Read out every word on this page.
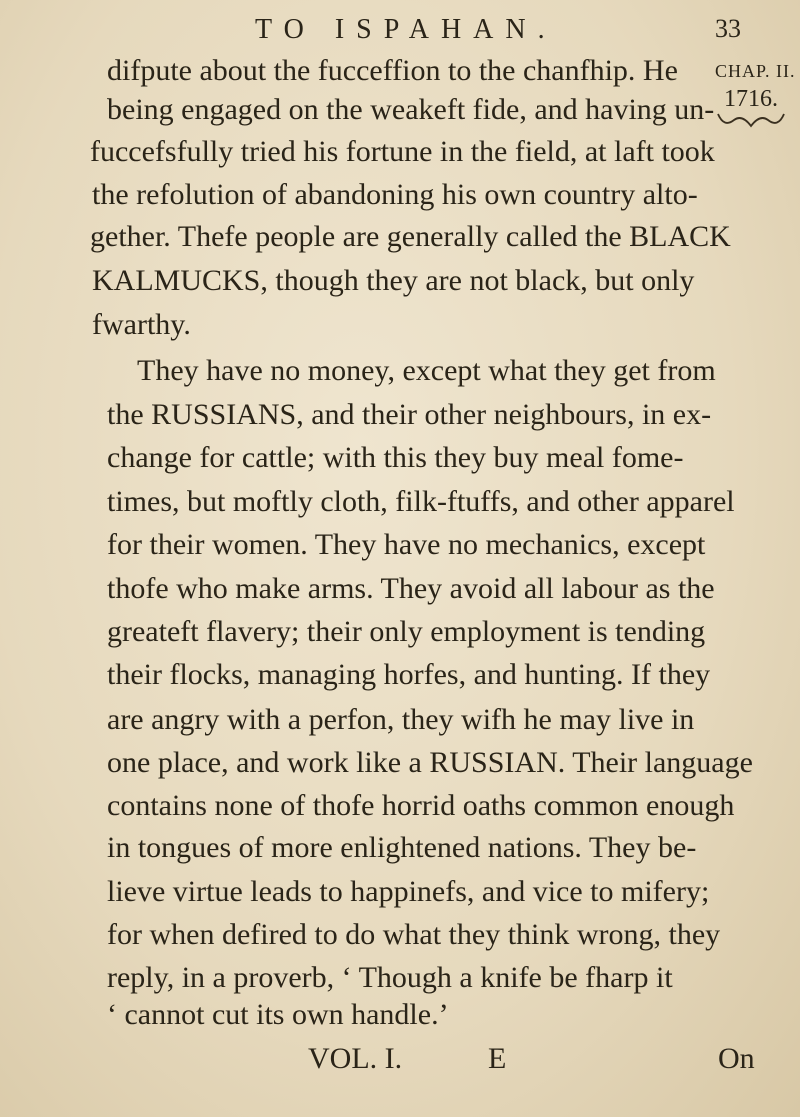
TO ISPAHAN.	33
CHAP. II.
1716.
difpute about the fucceffion to the chanfhip. He
being engaged on the weakeft fide, and having un-
fuccefsfully tried his fortune in the field, at laft took
the refolution of abandoning his own country alto-
gether. Thefe people are generally called the BLACK
KALMUCKS, though they are not black, but only
fwarthy.
They have no money, except what they get from
the RUSSIANS, and their other neighbours, in ex-
change for cattle; with this they buy meal fome-
times, but moftly cloth, filk-ftuffs, and other apparel
for their women. They have no mechanics, except
thofe who make arms. They avoid all labour as the
greateft flavery; their only employment is tending
their flocks, managing horfes, and hunting. If they
are angry with a perfon, they wifh he may live in
one place, and work like a RUSSIAN. Their language
contains none of thofe horrid oaths common enough
in tongues of more enlightened nations. They be-
lieve virtue leads to happinefs, and vice to mifery;
for when defired to do what they think wrong, they
reply, in a proverb, ‘ Though a knife be fharp it
‘ cannot cut its own handle.’
VOL. I.	E	On
